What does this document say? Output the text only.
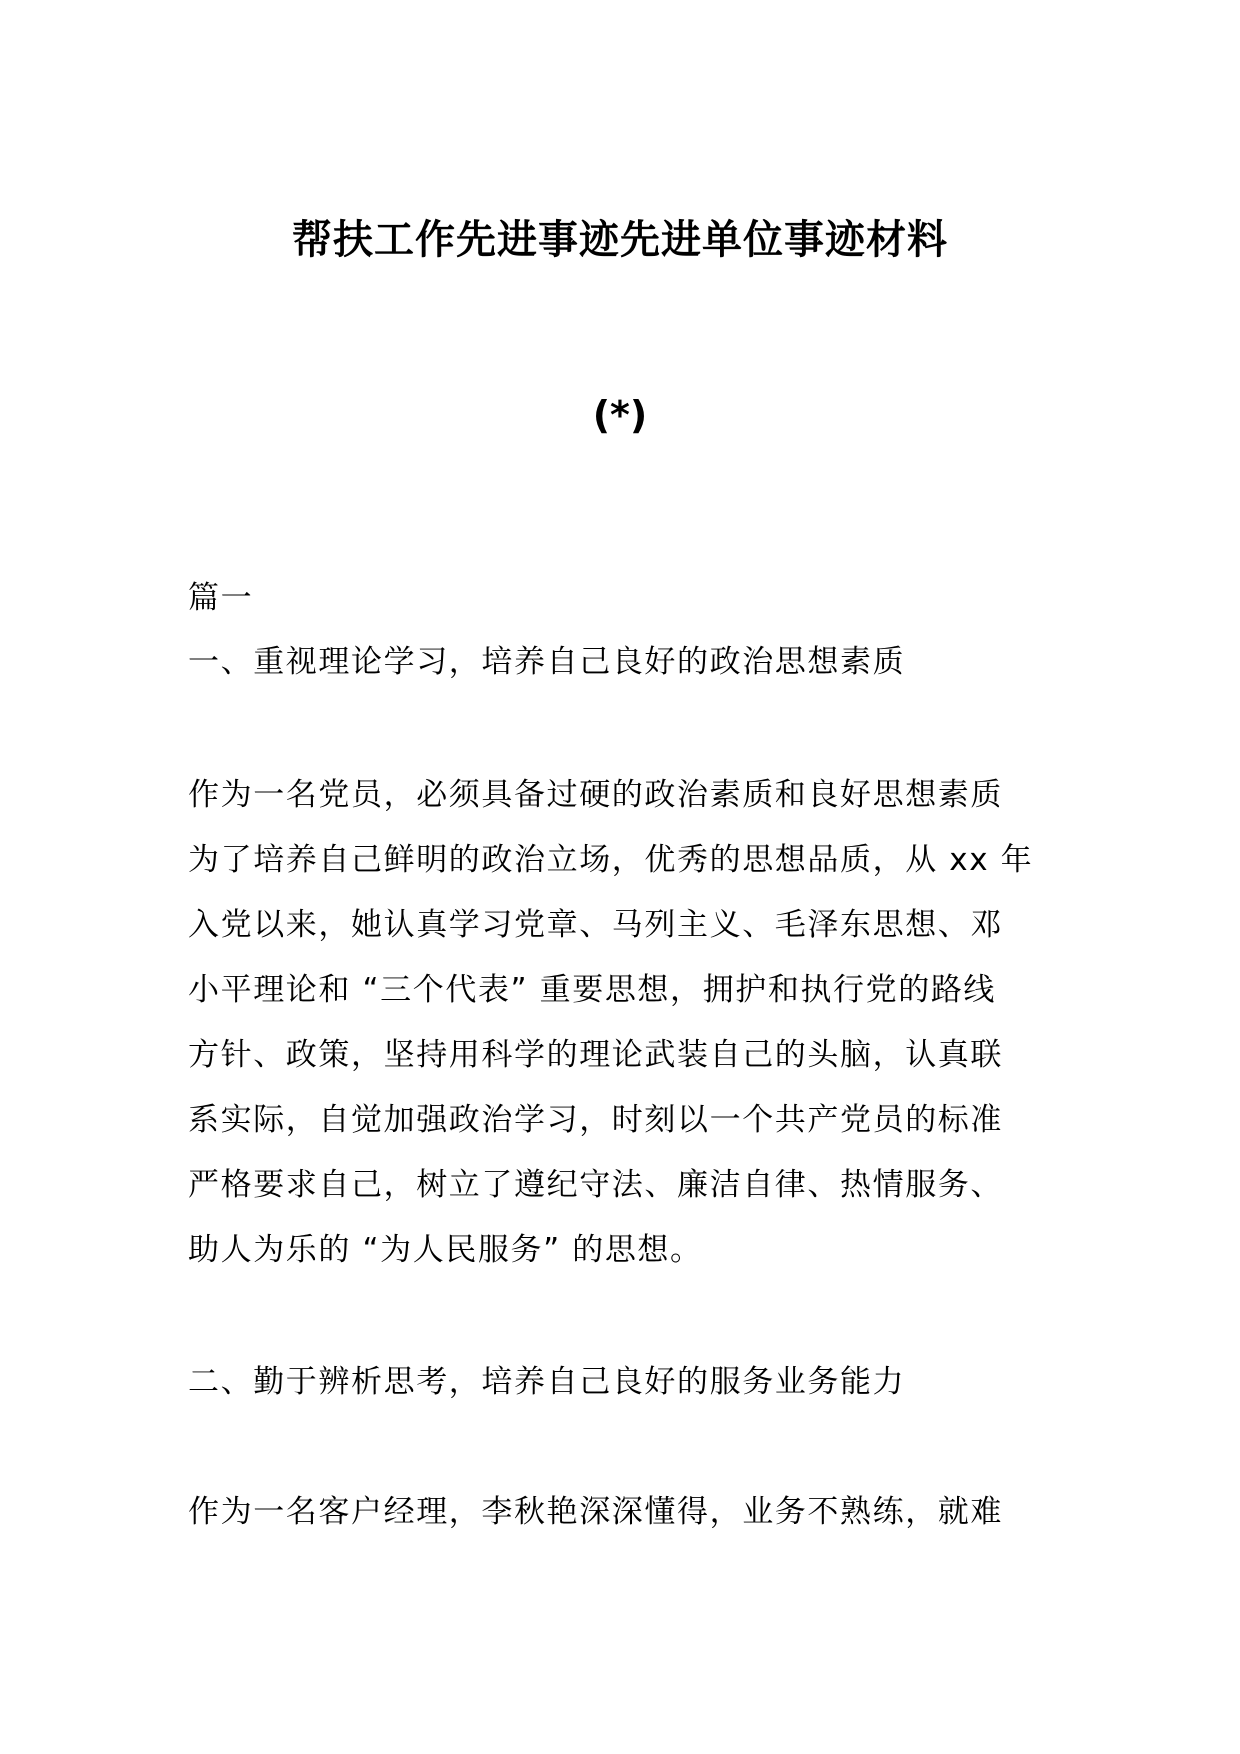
帮扶工作先进事迹先进单位事迹材料
(*)
篇一
一、重视理论学习，培养自己良好的政治思想素质
作为一名党员，必须具备过硬的政治素质和良好思想素质
为了培养自己鲜明的政治立场，优秀的思想品质，从 xx 年
入党以来，她认真学习党章、马列主义、毛泽东思想、邓
小平理论和 “三个代表” 重要思想，拥护和执行党的路线
方针、政策，坚持用科学的理论武装自己的头脑，认真联
系实际，自觉加强政治学习，时刻以一个共产党员的标准
严格要求自己，树立了遵纪守法、廉洁自律、热情服务、
助人为乐的 “为人民服务” 的思想。
二、勤于辨析思考，培养自己良好的服务业务能力
作为一名客户经理，李秋艳深深懂得，业务不熟练，就难
